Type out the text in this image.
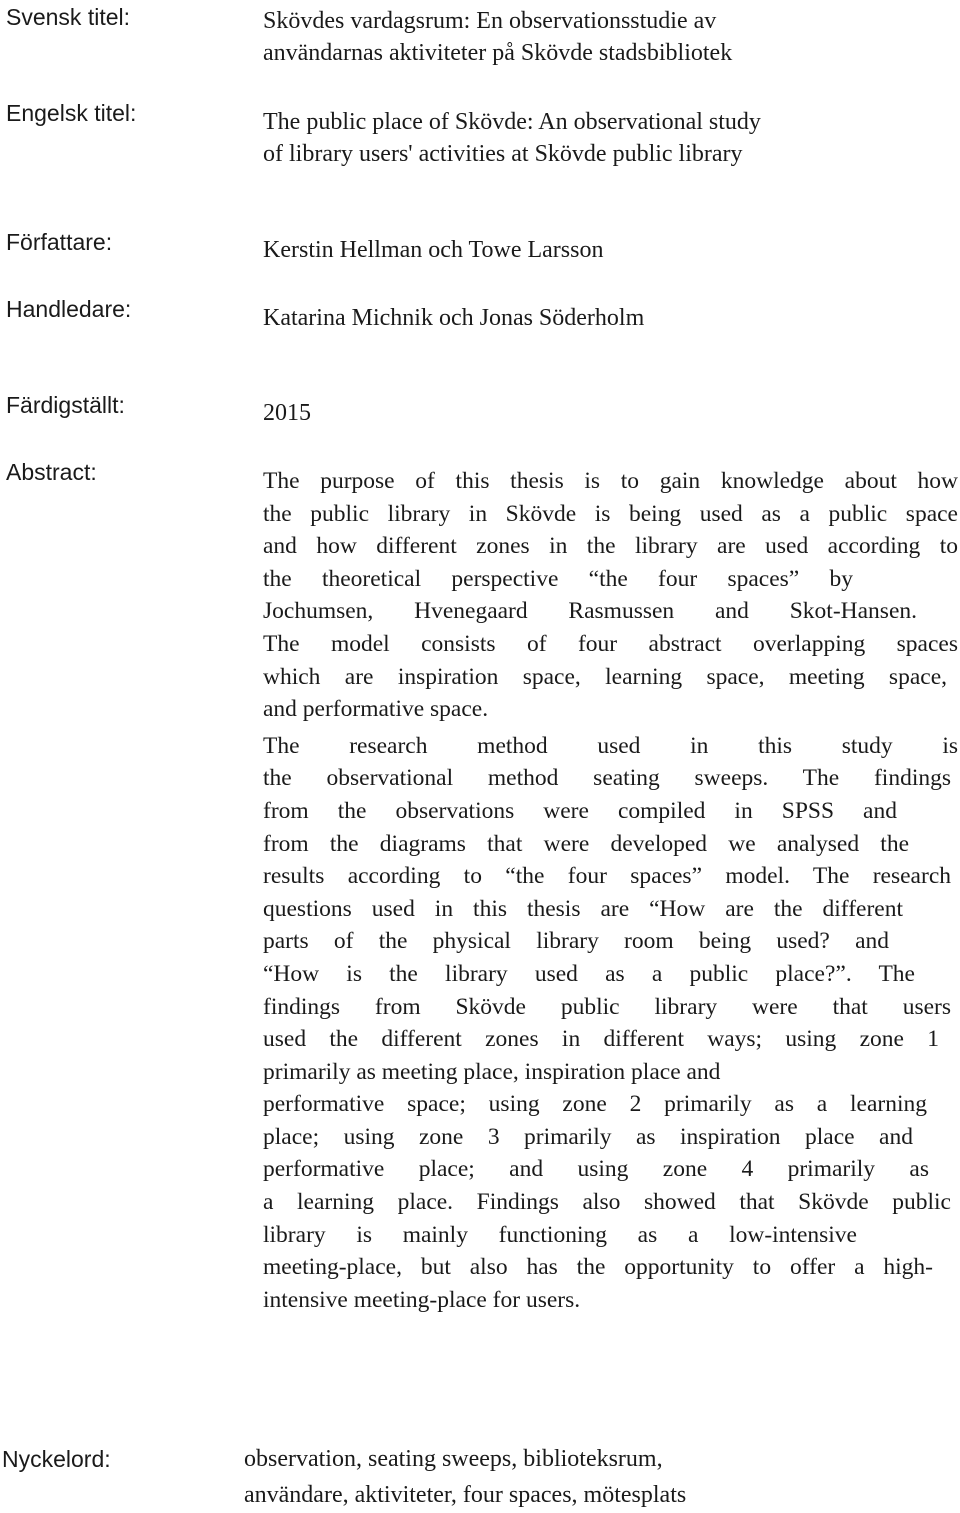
Svensk titel:	Skövdes vardagsrum: En observationsstudie av
användarnas aktiviteter på Skövde stadsbibliotek
Engelsk titel:	The public place of Skövde: An observational study
of library users' activities at Skövde public library
Författare:	Kerstin Hellman och Towe Larsson
Handledare:	Katarina Michnik och Jonas Söderholm
Färdigställt:	2015
Abstract:	The purpose of this thesis is to gain knowledge about how
the public library in Skövde is being used as a public space
and how different zones in the library are used according to
the theoretical perspective “the four spaces” by
Jochumsen, Hvenegaard Rasmussen and Skot-Hansen.
The model consists of four abstract overlapping spaces
which are inspiration space, learning space, meeting space,
and performative space.
The research method used in this study is
the observational method seating sweeps. The findings
from the observations were compiled in SPSS and
from the diagrams that were developed we analysed the
results according to “the four spaces” model. The research
questions used in this thesis are “How are the different
parts of the physical library room being used? and
“How is the library used as a public place?”. The
findings from Skövde public library were that users
used the different zones in different ways; using zone 1
primarily as meeting place, inspiration place and
performative space; using zone 2 primarily as a learning
place; using zone 3 primarily as inspiration place and
performative place; and using zone 4 primarily as
a learning place. Findings also showed that Skövde public
library is mainly functioning as a low-intensive
meeting-place, but also has the opportunity to offer a high-
intensive meeting-place for users.
Nyckelord:	observation, seating sweeps, biblioteksrum,
användare, aktiviteter, four spaces, mötesplats
